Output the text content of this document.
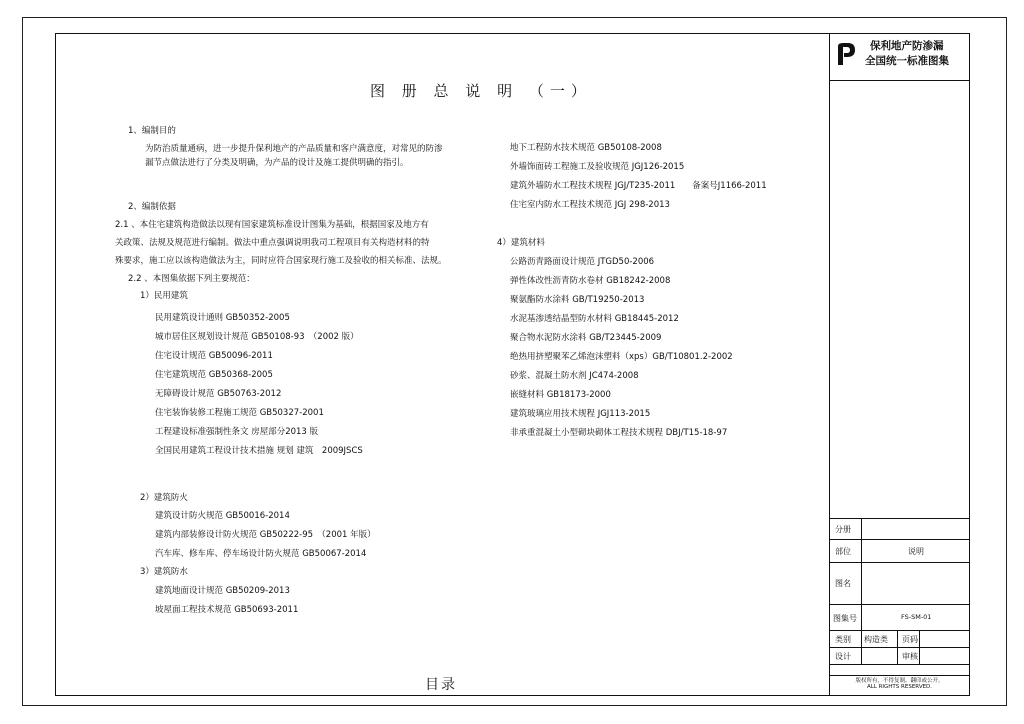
图 册 总 说 明 （一）
1、编制目的
为防治质量通病，进一步提升保利地产的产品质量和客户满意度，对常见的防渗
漏节点做法进行了分类及明确，为产品的设计及施工提供明确的指引。
2、编制依据
2.1 、本住宅建筑构造做法以现有国家建筑标准设计图集为基础，根据国家及地方有
关政策、法规及规范进行编制。做法中重点强调说明我司工程项目有关构造材料的特
殊要求，施工应以该构造做法为主，同时应符合国家现行施工及验收的相关标准、法规。
2.2 、本图集依据下列主要规范：
1）民用建筑
民用建筑设计通则 GB50352-2005
城市居住区规划设计规范 GB50108-93　（2002 版）
住宅设计规范 GB50096-2011
住宅建筑规范 GB50368-2005
无障碍设计规范 GB50763-2012
住宅装饰装修工程施工规范 GB50327-2001
工程建设标准强制性条文 房屋部分2013 版
全国民用建筑工程设计技术措施 规划 建筑　2009JSCS
2）建筑防火
建筑设计防火规范 GB50016-2014
建筑内部装修设计防火规范 GB50222-95　（2001 年版）
汽车库、修车库、停车场设计防火规范 GB50067-2014
3）建筑防水
建筑地面设计规范 GB50209-2013
坡屋面工程技术规范 GB50693-2011
地下工程防水技术规范 GB50108-2008
外墙饰面砖工程施工及验收规范 JGJ126-2015
建筑外墙防水工程技术规程 JGJ/T235-2011　　备案号J1166-2011
住宅室内防水工程技术规范 JGJ 298-2013
4）建筑材料
公路沥青路面设计规范 JTGD50-2006
弹性体改性沥青防水卷材 GB18242-2008
聚氨酯防水涂料 GB/T19250-2013
水泥基渗透结晶型防水材料 GB18445-2012
聚合物水泥防水涂料 GB/T23445-2009
绝热用挤塑聚苯乙烯泡沫塑料（xps）GB/T10801.2-2002
砂浆、混凝土防水剂 JC474-2008
嵌缝材料 GB18173-2000
建筑玻璃应用技术规程 JGJ113-2015
非承重混凝土小型砌块砌体工程技术规程 DBJ/T15-18-97
目录
保利地产防渗漏
全国统一标准图集
分册
部位	说明
图名
图集号	FS-SM-01
类别 构造类 页码
设计	审核
版权所有，不得复制。翻印或公开。
ALL RIGHTS RESERVED.
